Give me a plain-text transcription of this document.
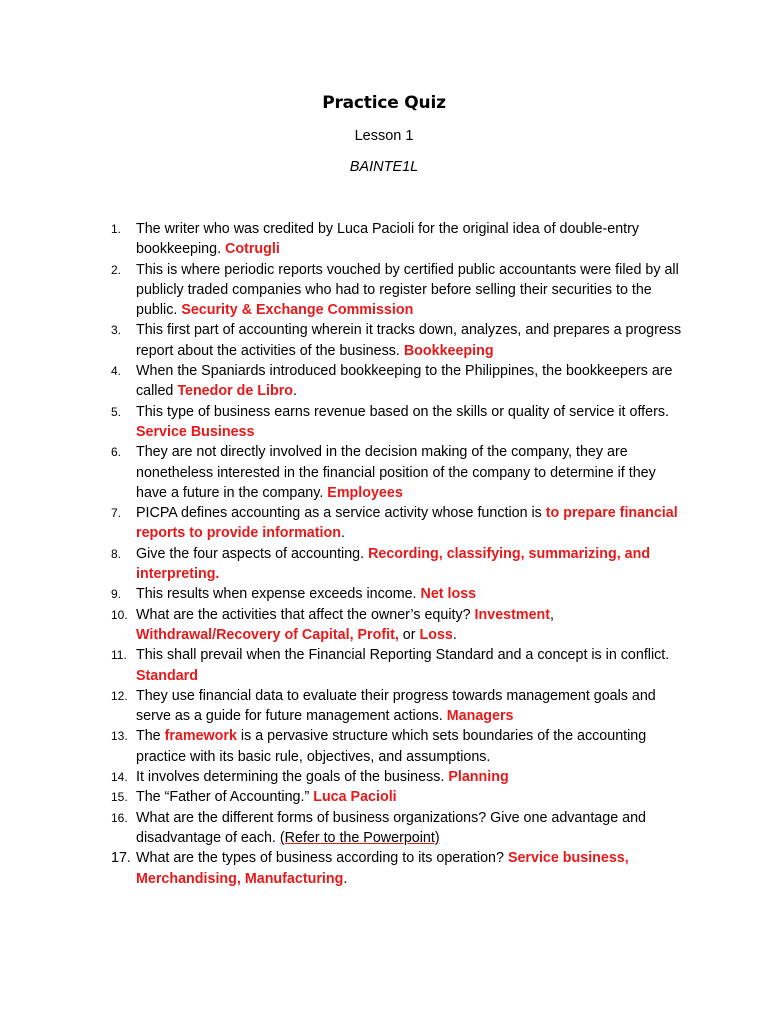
Practice Quiz
Lesson 1
BAINTE1L
1. The writer who was credited by Luca Pacioli for the original idea of double-entry bookkeeping. Cotrugli
2. This is where periodic reports vouched by certified public accountants were filed by all publicly traded companies who had to register before selling their securities to the public. Security & Exchange Commission
3. This first part of accounting wherein it tracks down, analyzes, and prepares a progress report about the activities of the business. Bookkeeping
4. When the Spaniards introduced bookkeeping to the Philippines, the bookkeepers are called Tenedor de Libro.
5. This type of business earns revenue based on the skills or quality of service it offers. Service Business
6. They are not directly involved in the decision making of the company, they are nonetheless interested in the financial position of the company to determine if they have a future in the company. Employees
7. PICPA defines accounting as a service activity whose function is to prepare financial reports to provide information.
8. Give the four aspects of accounting. Recording, classifying, summarizing, and interpreting.
9. This results when expense exceeds income. Net loss
10. What are the activities that affect the owner’s equity? Investment, Withdrawal/Recovery of Capital, Profit, or Loss.
11. This shall prevail when the Financial Reporting Standard and a concept is in conflict. Standard
12. They use financial data to evaluate their progress towards management goals and serve as a guide for future management actions. Managers
13. The framework is a pervasive structure which sets boundaries of the accounting practice with its basic rule, objectives, and assumptions.
14. It involves determining the goals of the business. Planning
15. The “Father of Accounting.” Luca Pacioli
16. What are the different forms of business organizations? Give one advantage and disadvantage of each. (Refer to the Powerpoint)
17. What are the types of business according to its operation? Service business, Merchandising, Manufacturing.
